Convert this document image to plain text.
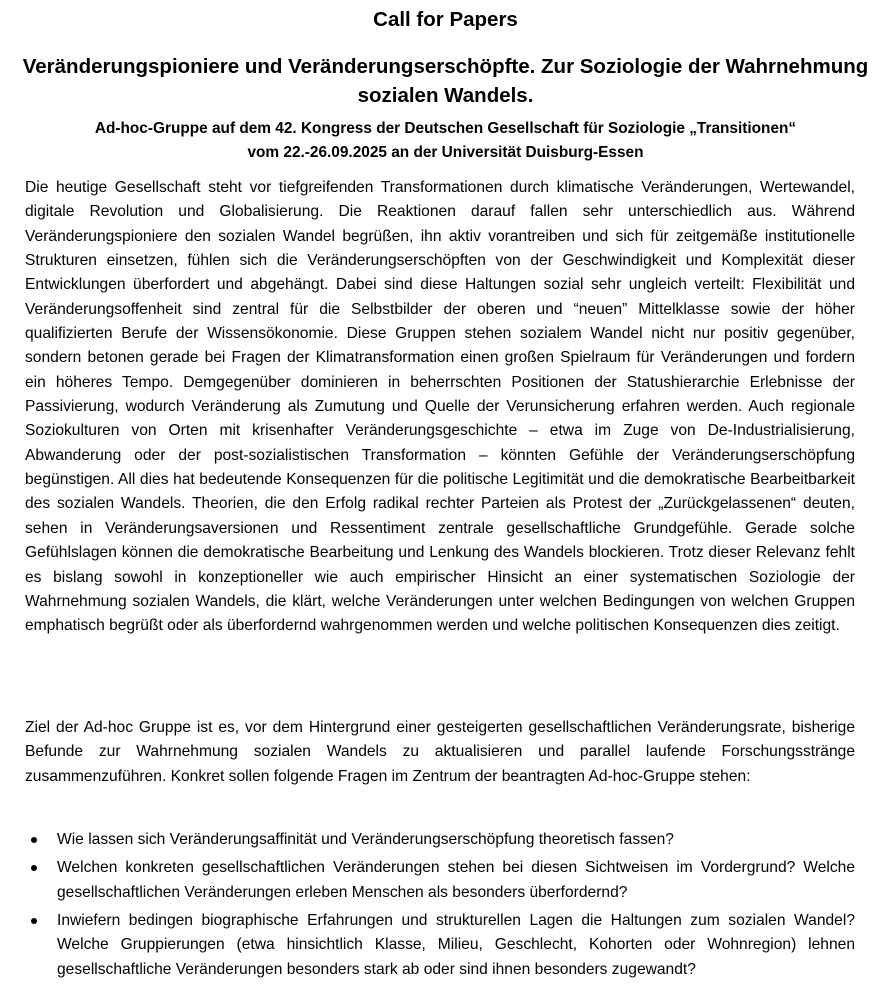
Call for Papers
Veränderungspioniere und Veränderungserschöpfte. Zur Soziologie der Wahrnehmung sozialen Wandels.
Ad-hoc-Gruppe auf dem 42. Kongress der Deutschen Gesellschaft für Soziologie „Transitionen“
vom 22.-26.09.2025 an der Universität Duisburg-Essen

Die heutige Gesellschaft steht vor tiefgreifenden Transformationen durch klimatische Veränderungen, Wertewandel, digitale Revolution und Globalisierung. Die Reaktionen darauf fallen sehr unterschiedlich aus. Während Veränderungspioniere den sozialen Wandel begrüßen, ihn aktiv vorantreiben und sich für zeitgemäße institutionelle Strukturen einsetzen, fühlen sich die Veränderungserschöpften von der Geschwindigkeit und Komplexität dieser Entwicklungen überfordert und abgehängt. Dabei sind diese Haltungen sozial sehr ungleich verteilt: Flexibilität und Veränderungsoffenheit sind zentral für die Selbstbilder der oberen und “neuen” Mittelklasse sowie der höher qualifizierten Berufe der Wissensökonomie. Diese Gruppen stehen sozialem Wandel nicht nur positiv gegenüber, sondern betonen gerade bei Fragen der Klimatransformation einen großen Spielraum für Veränderungen und fordern ein höheres Tempo. Demgegenüber dominieren in beherrschten Positionen der Statushierarchie Erlebnisse der Passivierung, wodurch Veränderung als Zumutung und Quelle der Verunsicherung erfahren werden. Auch regionale Soziokulturen von Orten mit krisenhafter Veränderungsgeschichte – etwa im Zuge von De-Industrialisierung, Abwanderung oder der post-sozialistischen Transformation – könnten Gefühle der Veränderungserschöpfung begünstigen. All dies hat bedeutende Konsequenzen für die politische Legitimität und die demokratische Bearbeitbarkeit des sozialen Wandels. Theorien, die den Erfolg radikal rechter Parteien als Protest der „Zurückgelassenen“ deuten, sehen in Veränderungsaversionen und Ressentiment zentrale gesellschaftliche Grundgefühle. Gerade solche Gefühlslagen können die demokratische Bearbeitung und Lenkung des Wandels blockieren. Trotz dieser Relevanz fehlt es bislang sowohl in konzeptioneller wie auch empirischer Hinsicht an einer systematischen Soziologie der Wahrnehmung sozialen Wandels, die klärt, welche Veränderungen unter welchen Bedingungen von welchen Gruppen emphatisch begrüßt oder als überfordernd wahrgenommen werden und welche politischen Konsequenzen dies zeitigt.

Ziel der Ad-hoc Gruppe ist es, vor dem Hintergrund einer gesteigerten gesellschaftlichen Veränderungsrate, bisherige Befunde zur Wahrnehmung sozialen Wandels zu aktualisieren und parallel laufende Forschungsstränge zusammenzuführen. Konkret sollen folgende Fragen im Zentrum der beantragten Ad-hoc-Gruppe stehen:

Wie lassen sich Veränderungsaffinität und Veränderungserschöpfung theoretisch fassen?
Welchen konkreten gesellschaftlichen Veränderungen stehen bei diesen Sichtweisen im Vordergrund? Welche gesellschaftlichen Veränderungen erleben Menschen als besonders überfordernd?
Inwiefern bedingen biographische Erfahrungen und strukturellen Lagen die Haltungen zum sozialen Wandel? Welche Gruppierungen (etwa hinsichtlich Klasse, Milieu, Geschlecht, Kohorten oder Wohnregion) lehnen gesellschaftliche Veränderungen besonders stark ab oder sind ihnen besonders zugewandt?
